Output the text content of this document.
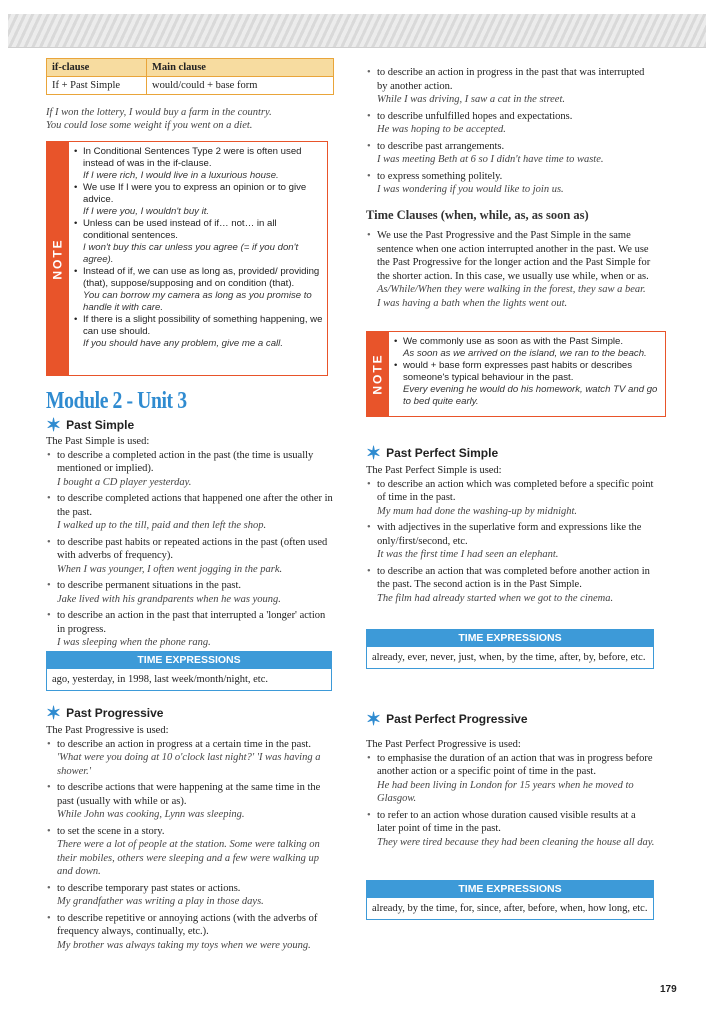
if-clause	Main clause
If + Past Simple	would/could + base form
If I won the lottery, I would buy a farm in the country.
You could lose some weight if you went on a diet.
NOTE
• In Conditional Sentences Type 2 were is often used instead of was in the if-clause.
If I were rich, I would live in a luxurious house.
• We use If I were you to express an opinion or to give advice.
If I were you, I wouldn't buy it.
• Unless can be used instead of if… not… in all conditional sentences.
I won't buy this car unless you agree (= if you don't agree).
• Instead of if, we can use as long as, provided/ providing (that), suppose/supposing and on condition (that).
You can borrow my camera as long as you promise to handle it with care.
• If there is a slight possibility of something happening, we can use should.
If you should have any problem, give me a call.
Module 2 - Unit 3
✶ Past Simple
The Past Simple is used:
• to describe a completed action in the past (the time is usually mentioned or implied).
I bought a CD player yesterday.
• to describe completed actions that happened one after the other in the past.
I walked up to the till, paid and then left the shop.
• to describe past habits or repeated actions in the past (often used with adverbs of frequency).
When I was younger, I often went jogging in the park.
• to describe permanent situations in the past.
Jake lived with his grandparents when he was young.
• to describe an action in the past that interrupted a 'longer' action in progress.
I was sleeping when the phone rang.
TIME EXPRESSIONS
ago, yesterday, in 1998, last week/month/night, etc.
✶ Past Progressive
The Past Progressive is used:
• to describe an action in progress at a certain time in the past.
'What were you doing at 10 o'clock last night?' 'I was having a shower.'
• to describe actions that were happening at the same time in the past (usually with while or as).
While John was cooking, Lynn was sleeping.
• to set the scene in a story.
There were a lot of people at the station. Some were talking on their mobiles, others were sleeping and a few were walking up and down.
• to describe temporary past states or actions.
My grandfather was writing a play in those days.
• to describe repetitive or annoying actions (with the adverbs of frequency always, continually, etc.).
My brother was always taking my toys when we were young.
• to describe an action in progress in the past that was interrupted by another action.
While I was driving, I saw a cat in the street.
• to describe unfulfilled hopes and expectations.
He was hoping to be accepted.
• to describe past arrangements.
I was meeting Beth at 6 so I didn't have time to waste.
• to express something politely.
I was wondering if you would like to join us.
Time Clauses (when, while, as, as soon as)
• We use the Past Progressive and the Past Simple in the same sentence when one action interrupted another in the past. We use the Past Progressive for the longer action and the Past Simple for the shorter action. In this case, we usually use while, when or as.
As/While/When they were walking in the forest, they saw a bear.
I was having a bath when the lights went out.
NOTE
• We commonly use as soon as with the Past Simple.
As soon as we arrived on the island, we ran to the beach.
• would + base form expresses past habits or describes someone's typical behaviour in the past.
Every evening he would do his homework, watch TV and go to bed quite early.
✶ Past Perfect Simple
The Past Perfect Simple is used:
• to describe an action which was completed before a specific point of time in the past.
My mum had done the washing-up by midnight.
• with adjectives in the superlative form and expressions like the only/first/second, etc.
It was the first time I had seen an elephant.
• to describe an action that was completed before another action in the past. The second action is in the Past Simple.
The film had already started when we got to the cinema.
TIME EXPRESSIONS
already, ever, never, just, when, by the time, after, by, before, etc.
✶ Past Perfect Progressive
The Past Perfect Progressive is used:
• to emphasise the duration of an action that was in progress before another action or a specific point of time in the past.
He had been living in London for 15 years when he moved to Glasgow.
• to refer to an action whose duration caused visible results at a later point of time in the past.
They were tired because they had been cleaning the house all day.
TIME EXPRESSIONS
already, by the time, for, since, after, before, when, how long, etc.
179
